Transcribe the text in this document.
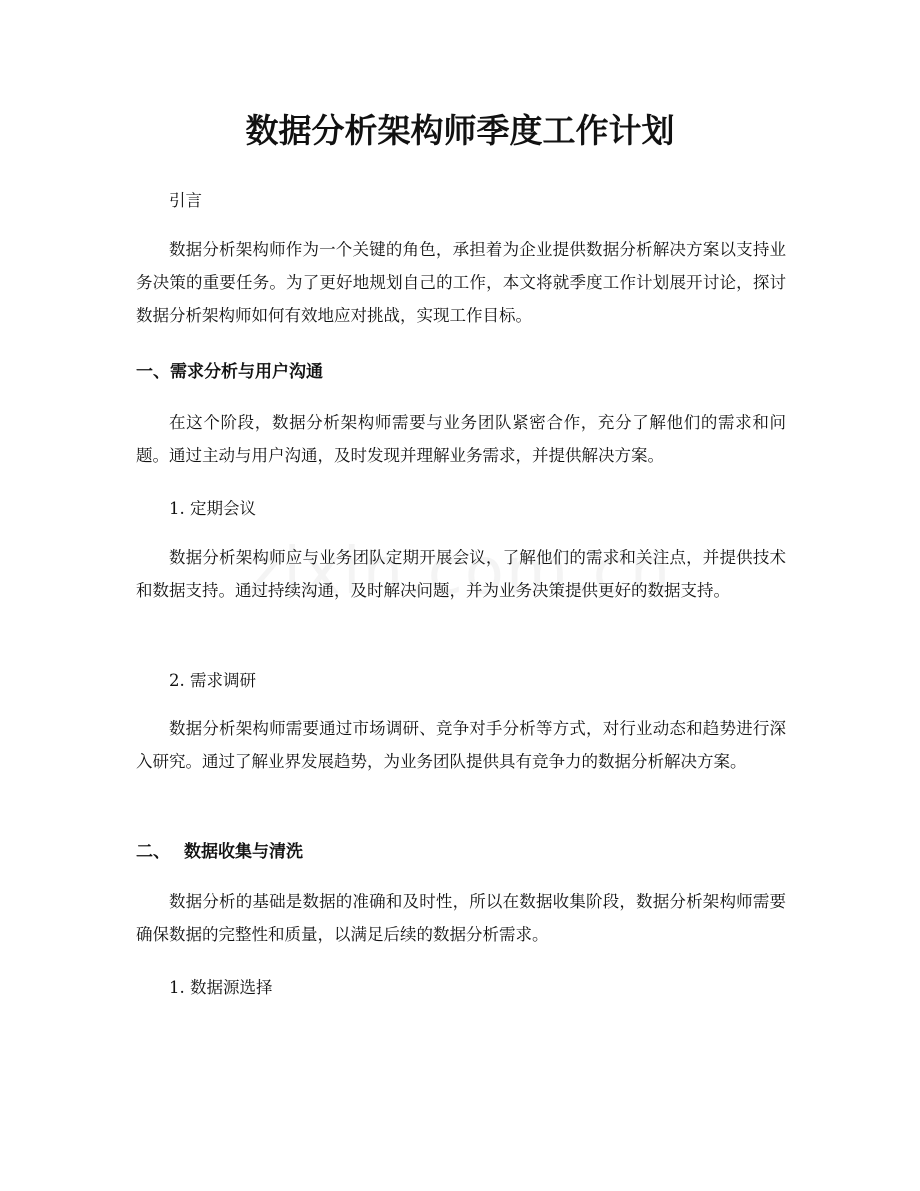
数据分析架构师季度工作计划

引言

数据分析架构师作为一个关键的角色，承担着为企业提供数据分析解决方案以支持业务决策的重要任务。为了更好地规划自己的工作，本文将就季度工作计划展开讨论，探讨数据分析架构师如何有效地应对挑战，实现工作目标。

一、需求分析与用户沟通

在这个阶段，数据分析架构师需要与业务团队紧密合作，充分了解他们的需求和问题。通过主动与用户沟通，及时发现并理解业务需求，并提供解决方案。

1. 定期会议

数据分析架构师应与业务团队定期开展会议，了解他们的需求和关注点，并提供技术和数据支持。通过持续沟通，及时解决问题，并为业务决策提供更好的数据支持。

2. 需求调研

数据分析架构师需要通过市场调研、竞争对手分析等方式，对行业动态和趋势进行深入研究。通过了解业界发展趋势，为业务团队提供具有竞争力的数据分析解决方案。

二、 数据收集与清洗

数据分析的基础是数据的准确和及时性，所以在数据收集阶段，数据分析架构师需要确保数据的完整性和质量，以满足后续的数据分析需求。

1. 数据源选择
